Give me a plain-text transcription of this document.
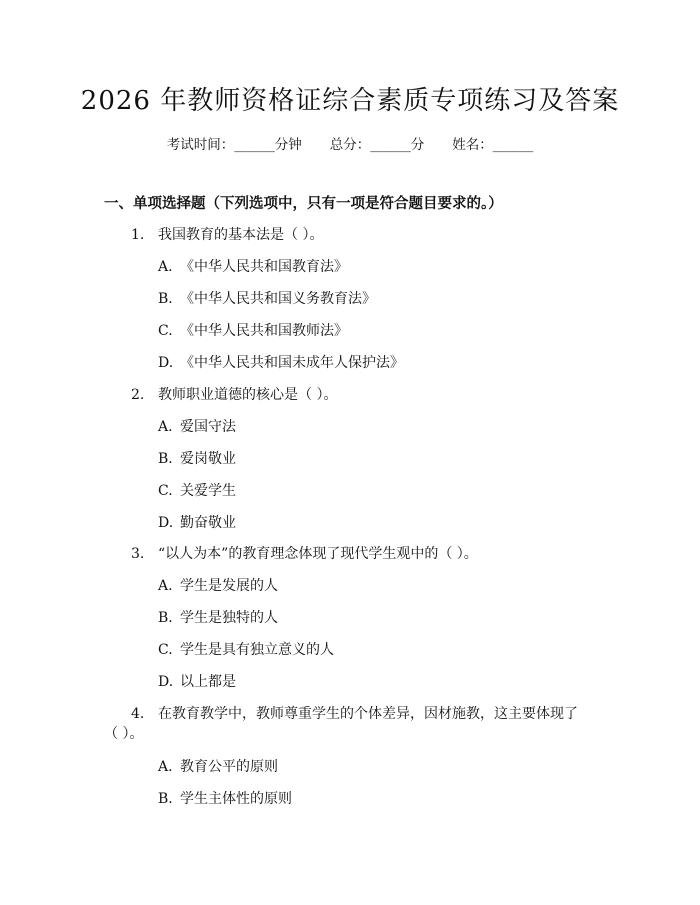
2026 年教师资格证综合素质专项练习及答案
考试时间：______分钟 总分：______分 姓名：______
一、单项选择题（下列选项中，只有一项是符合题目要求的。）
1. 我国教育的基本法是（ ）。
A. 《中华人民共和国教育法》
B. 《中华人民共和国义务教育法》
C. 《中华人民共和国教师法》
D. 《中华人民共和国未成年人保护法》
2. 教师职业道德的核心是（ ）。
A. 爱国守法
B. 爱岗敬业
C. 关爱学生
D. 勤奋敬业
3. “以人为本”的教育理念体现了现代学生观中的（ ）。
A. 学生是发展的人
B. 学生是独特的人
C. 学生是具有独立意义的人
D. 以上都是
4. 在教育教学中，教师尊重学生的个体差异，因材施教，这主要体现了
（ ）。
A. 教育公平的原则
B. 学生主体性的原则
